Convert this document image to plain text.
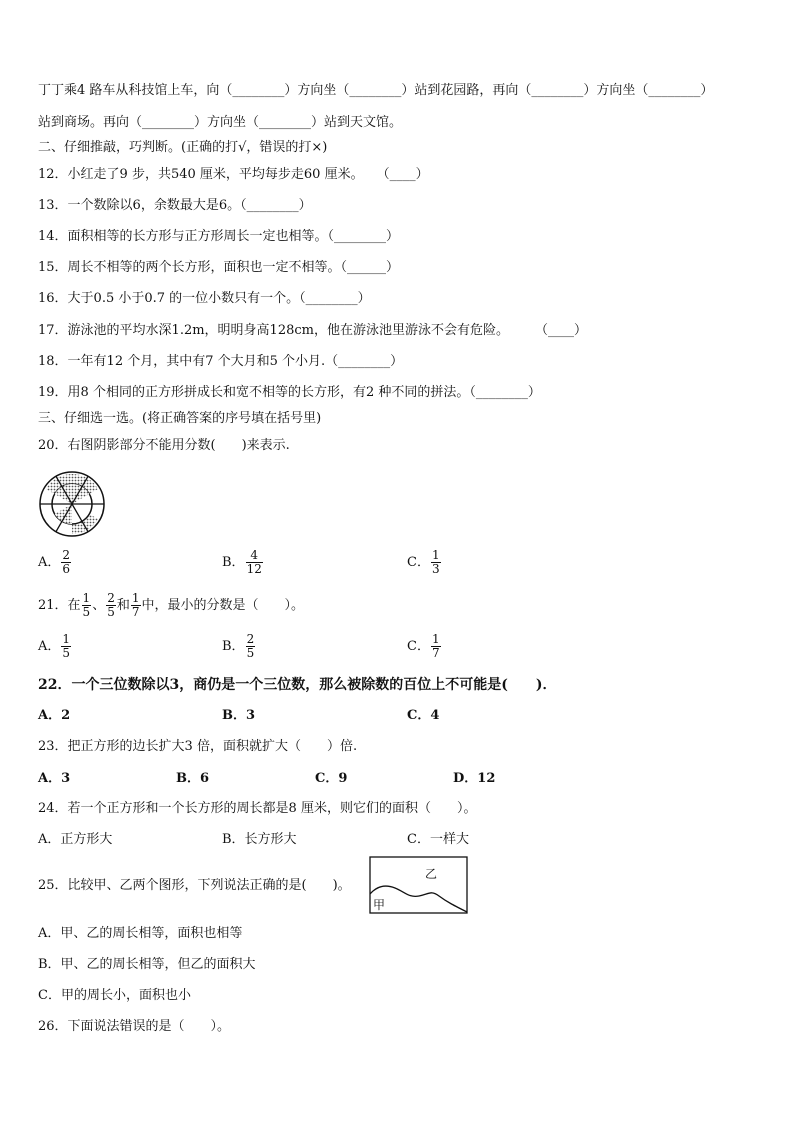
丁丁乘4 路车从科技馆上车，向（________）方向坐（________）站到花园路，再向（________）方向坐（________）
站到商场。再向（________）方向坐（________）站到天文馆。
二、仔细推敲，巧判断。(正确的打√，错误的打×)
12．小红走了9 步，共540 厘米，平均每步走60 厘米。　　（____）
13．一个数除以6，余数最大是6。（________）
14．面积相等的长方形与正方形周长一定也相等。（________）
15．周长不相等的两个长方形，面积也一定不相等。（______）
16．大于0.5 小于0.7 的一位小数只有一个。（________）
17．游泳池的平均水深1.2m，明明身高128cm，他在游泳池里游泳不会有危险。　　　（____）
18．一年有12 个月，其中有7 个大月和5 个小月.（________）
19．用8 个相同的正方形拼成长和宽不相等的长方形，有2 种不同的拼法。（________）
三、仔细选一选。(将正确答案的序号填在括号里)
20．右图阴影部分不能用分数(　　)来表示.
A． $\frac{2}{6}$	B． $\frac{4}{12}$	C． $\frac{1}{3}$
21．在 $\frac{1}{5}$ 、 $\frac{2}{5}$ 和 $\frac{1}{7}$ 中，最小的分数是（　　）。
A． $\frac{1}{5}$	B． $\frac{2}{5}$	C． $\frac{1}{7}$
22．一个三位数除以3，商仍是一个三位数，那么被除数的百位上不可能是(　　)．
A．2	B．3	C．4
23．把正方形的边长扩大3 倍，面积就扩大（　　）倍.
A．3	B．6	C．9	D．12
24．若一个正方形和一个长方形的周长都是8 厘米，则它们的面积（　　）。
A．正方形大	B．长方形大	C．一样大
25．比较甲、乙两个图形，下列说法正确的是(　　)。
甲
乙
A．甲、乙的周长相等，面积也相等
B．甲、乙的周长相等，但乙的面积大
C．甲的周长小，面积也小
26．下面说法错误的是（　　）。
